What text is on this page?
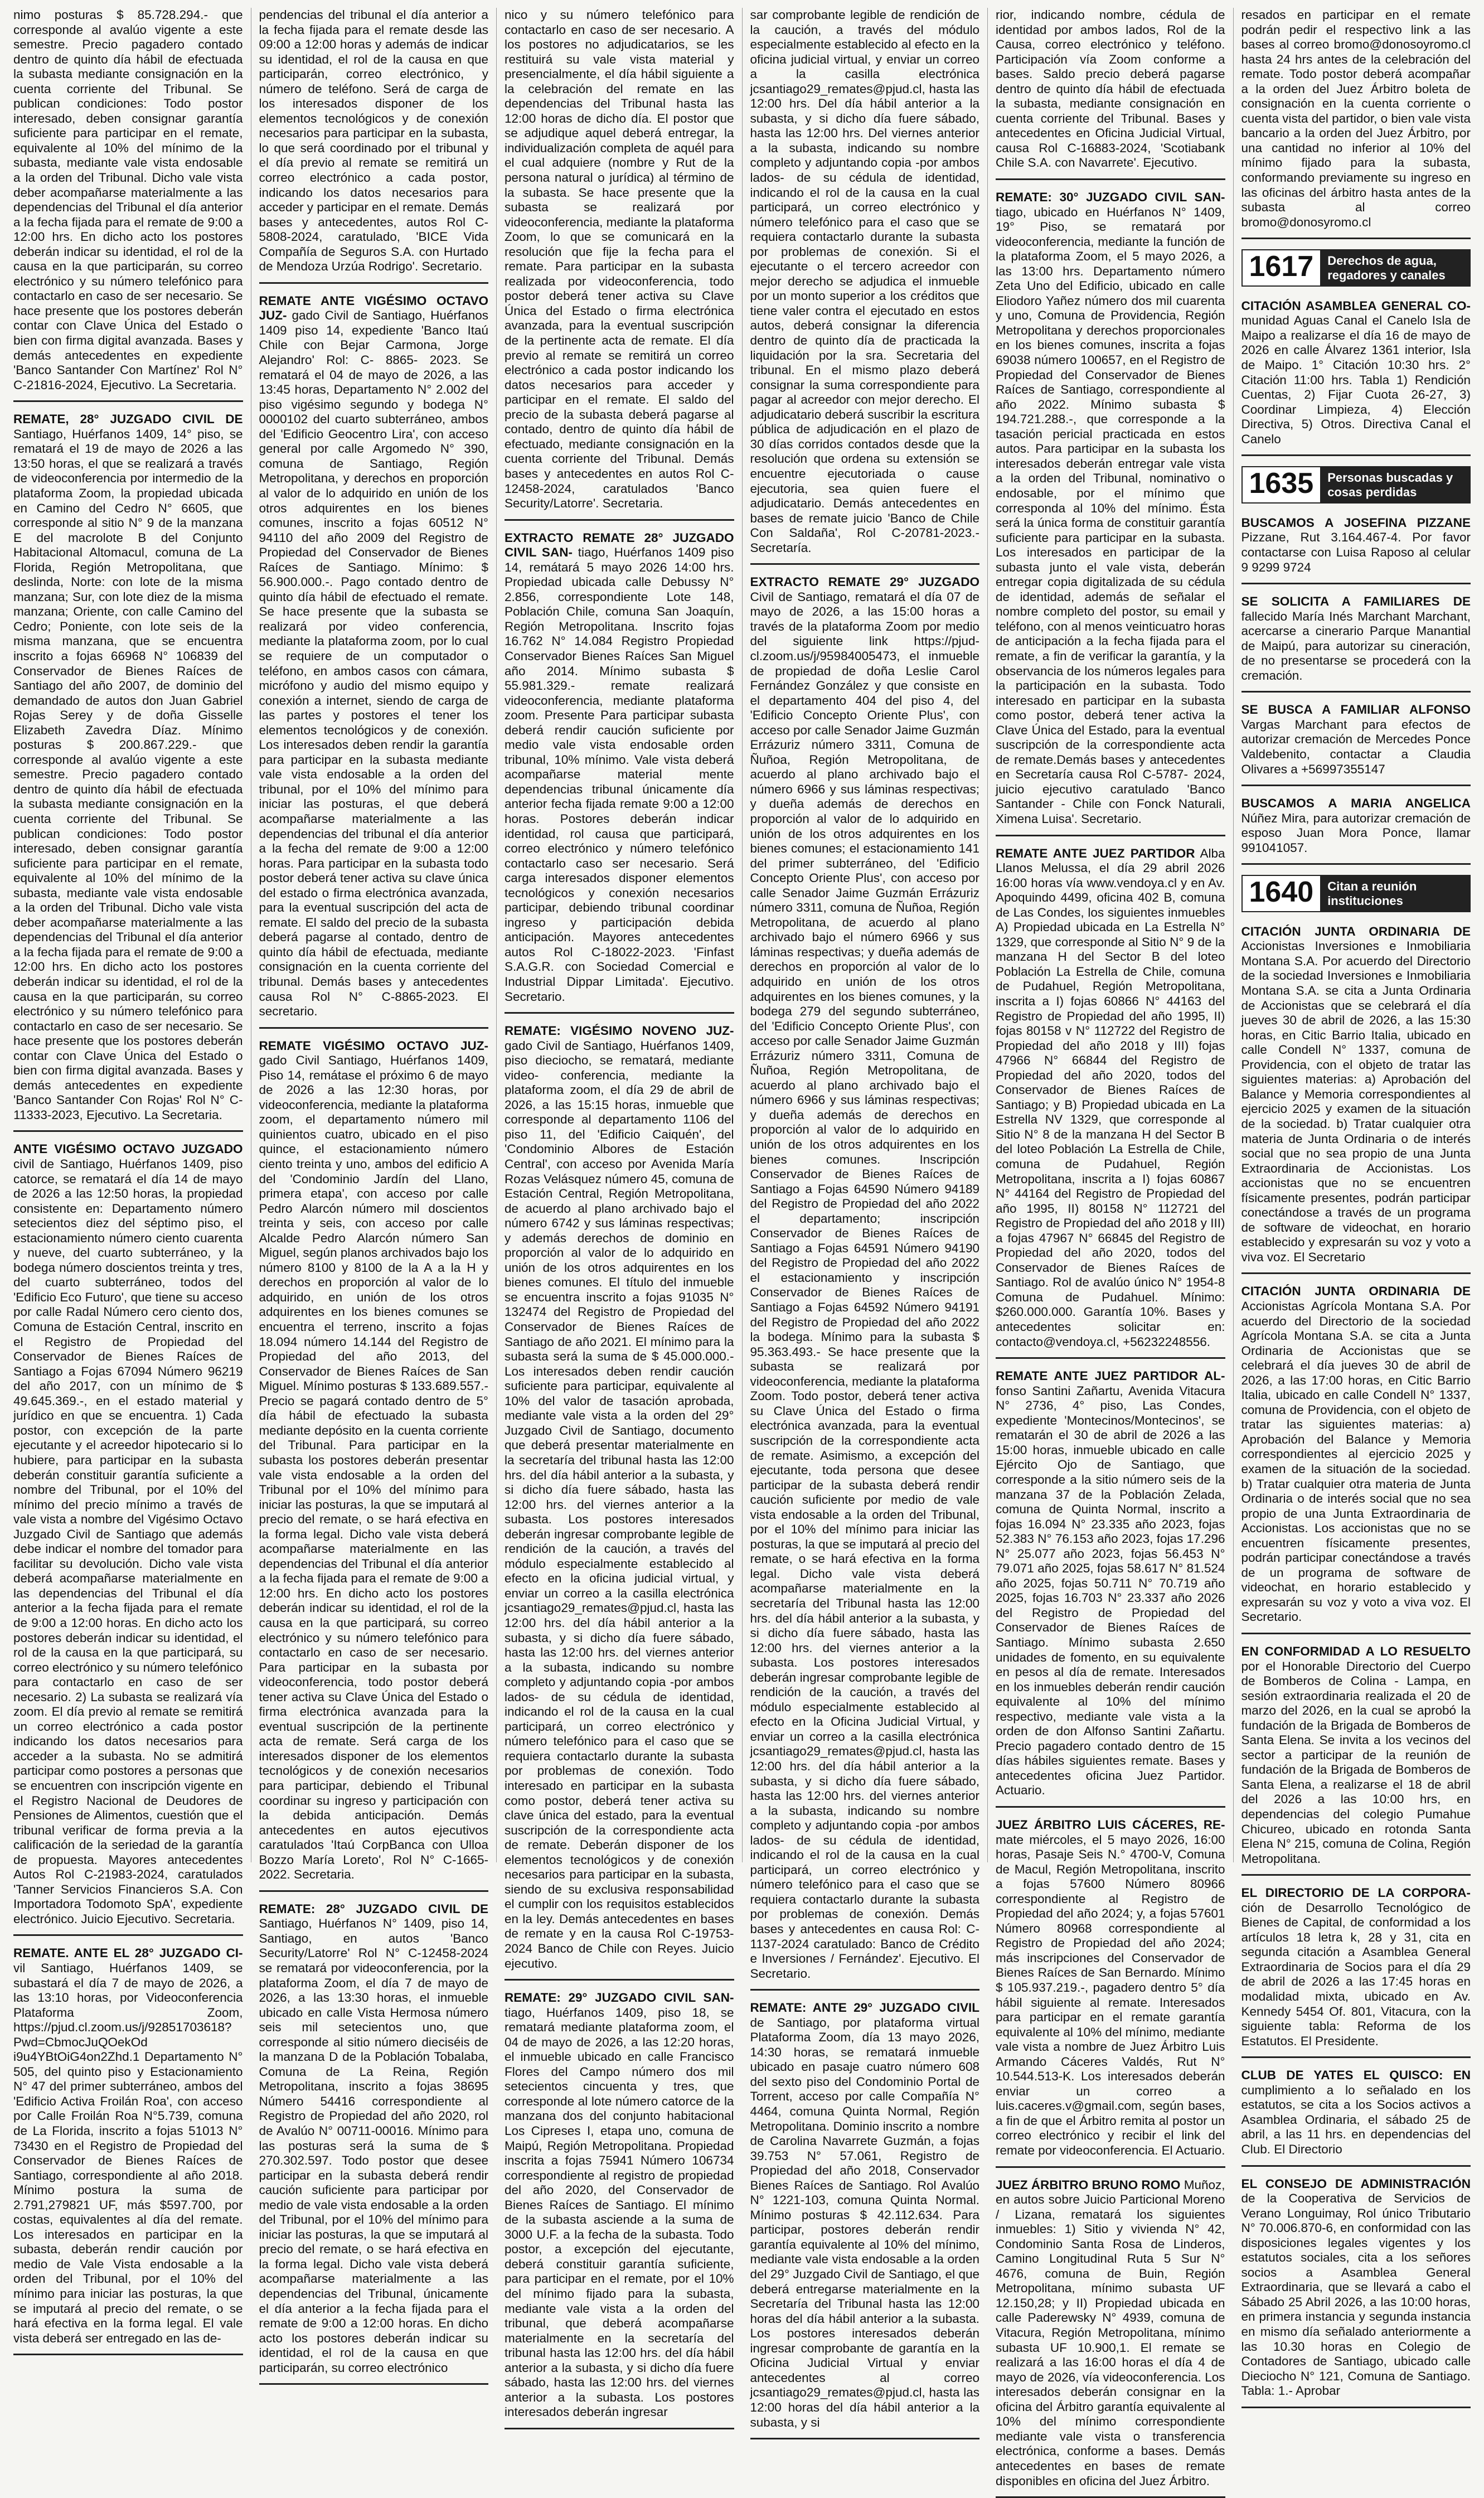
nimo posturas $ 85.728.294.- que corresponde al avalúo vigente a este semestre. Precio pagadero contado dentro de quinto día hábil de efectuada la subasta mediante consignación en la cuenta corriente del Tribunal. Se publican condiciones: Todo postor interesado, deben consignar garantía suficiente para participar en el remate, equivalente al 10% del mínimo de la subasta, mediante vale vista endosable a la orden del Tribunal. Dicho vale vista deber acompañarse materialmente a las dependencias del Tribunal el día anterior a la fecha fijada para el remate de 9:00 a 12:00 hrs. En dicho acto los postores deberán indicar su identidad, el rol de la causa en la que participarán, su correo electrónico y su número telefónico para contactarlo en caso de ser necesario. Se hace presente que los postores deberán contar con Clave Única del Estado o bien con firma digital avanzada. Bases y demás antecedentes en expediente 'Banco Santander Con Martínez' Rol N° C-21816-2024, Ejecutivo. La Secretaria.

REMATE, 28° JUZGADO CIVIL DE Santiago, Huérfanos 1409, 14° piso, se rematará el 19 de mayo de 2026 a las 13:50 horas, el que se realizará a través de videoconferencia por intermedio de la plataforma Zoom, la propiedad ubicada en Camino del Cedro N° 6605, que corresponde al sitio N° 9 de la manzana E del macrolote B del Conjunto Habitacional Altomacul, comuna de La Florida, Región Metropolitana, que deslinda, Norte: con lote de la misma manzana; Sur, con lote diez de la misma manzana; Oriente, con calle Camino del Cedro; Poniente, con lote seis de la misma manzana, que se encuentra inscrito a fojas 66968 N° 106839 del Conservador de Bienes Raíces de Santiago del año 2007, de dominio del demandado de autos don Juan Gabriel Rojas Serey y de doña Gisselle Elizabeth Zavedra Díaz. Mínimo posturas $ 200.867.229.- que corresponde al avalúo vigente a este semestre. Precio pagadero contado dentro de quinto día hábil de efectuada la subasta mediante consignación en la cuenta corriente del Tribunal. Se publican condiciones: Todo postor interesado, deben consignar garantía suficiente para participar en el remate, equivalente al 10% del mínimo de la subasta, mediante vale vista endosable a la orden del Tribunal. Dicho vale vista deber acompañarse materialmente a las dependencias del Tribunal el día anterior a la fecha fijada para el remate de 9:00 a 12:00 hrs. En dicho acto los postores deberán indicar su identidad, el rol de la causa en la que participarán, su correo electrónico y su número telefónico para contactarlo en caso de ser necesario. Se hace presente que los postores deberán contar con Clave Única del Estado o bien con firma digital avanzada. Bases y demás antecedentes en expediente 'Banco Santander Con Rojas' Rol N° C-11333-2023, Ejecutivo. La Secretaria.

ANTE VIGÉSIMO OCTAVO JUZGADO civil de Santiago, Huérfanos 1409, piso catorce, se rematará el día 14 de mayo de 2026 a las 12:50 horas, la propiedad consistente en: Departamento número setecientos diez del séptimo piso, el estacionamiento número ciento cuarenta y nueve, del cuarto subterráneo, y la bodega número doscientos treinta y tres, del cuarto subterráneo, todos del 'Edificio Eco Futuro', que tiene su acceso por calle Radal Número cero ciento dos, Comuna de Estación Central, inscrito en el Registro de Propiedad del Conservador de Bienes Raíces de Santiago a Fojas 67094 Número 96219 del año 2017, con un mínimo de $ 49.645.369.-, en el estado material y jurídico en que se encuentra. 1) Cada postor, con excepción de la parte ejecutante y el acreedor hipotecario si lo hubiere, para participar en la subasta deberán constituir garantía suficiente a nombre del Tribunal, por el 10% del mínimo del precio mínimo a través de vale vista a nombre del Vigésimo Octavo Juzgado Civil de Santiago que además debe indicar el nombre del tomador para facilitar su devolución. Dicho vale vista deberá acompañarse materialmente en las dependencias del Tribunal el día anterior a la fecha fijada para el remate de 9:00 a 12:00 horas. En dicho acto los postores deberán indicar su identidad, el rol de la causa en la que participará, su correo electrónico y su número telefónico para contactarlo en caso de ser necesario. 2) La subasta se realizará vía zoom. El día previo al remate se remitirá un correo electrónico a cada postor indicando los datos necesarios para acceder a la subasta. No se admitirá participar como postores a personas que se encuentren con inscripción vigente en el Registro Nacional de Deudores de Pensiones de Alimentos, cuestión que el tribunal verificar de forma previa a la calificación de la seriedad de la garantía de propuesta. Mayores antecedentes Autos Rol C-21983-2024, caratulados 'Tanner Servicios Financieros S.A. Con Importadora Todomoto SpA', expediente electrónico. Juicio Ejecutivo. Secretaria.

REMATE. ANTE EL 28° JUZGADO CI- vil Santiago, Huérfanos 1409, se subastará el día 7 de mayo de 2026, a las 13:10 horas, por Videoconferencia Plataforma Zoom, https://pjud.cl.zoom.us/j/92851703618? Pwd=CbmocJuQOekOd i9u4YBtOiG4on2Zhd.1 Departamento N° 505, del quinto piso y Estacionamiento N° 47 del primer subterráneo, ambos del 'Edificio Activa Froilán Roa', con acceso por Calle Froilán Roa N°5.739, comuna de La Florida, inscrito a fojas 51013 N° 73430 en el Registro de Propiedad del Conservador de Bienes Raíces de Santiago, correspondiente al año 2018. Mínimo postura la suma de 2.791,279821 UF, más $597.700, por costas, equivalentes al día del remate. Los interesados en participar en la subasta, deberán rendir caución por medio de Vale Vista endosable a la orden del Tribunal, por el 10% del mínimo para iniciar las posturas, la que se imputará al precio del remate, o se hará efectiva en la forma legal. El vale vista deberá ser entregado en las de-

pendencias del tribunal el día anterior a la fecha fijada para el remate desde las 09:00 a 12:00 horas y además de indicar su identidad, el rol de la causa en que participarán, correo electrónico, y número de teléfono. Será de carga de los interesados disponer de los elementos tecnológicos y de conexión necesarios para participar en la subasta, lo que será coordinado por el tribunal y el día previo al remate se remitirá un correo electrónico a cada postor, indicando los datos necesarios para acceder y participar en el remate. Demás bases y antecedentes, autos Rol C-5808-2024, caratulado, 'BICE Vida Compañía de Seguros S.A. con Hurtado de Mendoza Urzúa Rodrigo'. Secretario.

REMATE ANTE VIGÉSIMO OCTAVO JUZ- gado Civil de Santiago, Huérfanos 1409 piso 14, expediente 'Banco Itaú Chile con Bejar Carmona, Jorge Alejandro' Rol: C- 8865- 2023. Se rematará el 04 de mayo de 2026, a las 13:45 horas, Departamento N° 2.002 del piso vigésimo segundo y bodega N° 0000102 del cuarto subterráneo, ambos del 'Edificio Geocentro Lira', con acceso general por calle Argomedo N° 390, comuna de Santiago, Región Metropolitana, y derechos en proporción al valor de lo adquirido en unión de los otros adquirentes en los bienes comunes, inscrito a fojas 60512 N° 94110 del año 2009 del Registro de Propiedad del Conservador de Bienes Raíces de Santiago. Mínimo: $ 56.900.000.-. Pago contado dentro de quinto día hábil de efectuado el remate. Se hace presente que la subasta se realizará por video conferencia, mediante la plataforma zoom, por lo cual se requiere de un computador o teléfono, en ambos casos con cámara, micrófono y audio del mismo equipo y conexión a internet, siendo de carga de las partes y postores el tener los elementos tecnológicos y de conexión. Los interesados deben rendir la garantía para participar en la subasta mediante vale vista endosable a la orden del tribunal, por el 10% del mínimo para iniciar las posturas, el que deberá acompañarse materialmente a las dependencias del tribunal el día anterior a la fecha del remate de 9:00 a 12:00 horas. Para participar en la subasta todo postor deberá tener activa su clave única del estado o firma electrónica avanzada, para la eventual suscripción del acta de remate. El saldo del precio de la subasta deberá pagarse al contado, dentro de quinto día hábil de efectuada, mediante consignación en la cuenta corriente del tribunal. Demás bases y antecedentes causa Rol N° C-8865-2023. El secretario.

REMATE VIGÉSIMO OCTAVO JUZ- gado Civil Santiago, Huérfanos 1409, Piso 14, remátase el próximo 6 de mayo de 2026 a las 12:30 horas, por videoconferencia, mediante la plataforma zoom, el departamento número mil quinientos cuatro, ubicado en el piso quince, el estacionamiento número ciento treinta y uno, ambos del edificio A del 'Condominio Jardín del Llano, primera etapa', con acceso por calle Pedro Alarcón número mil doscientos treinta y seis, con acceso por calle Alcalde Pedro Alarcón número San Miguel, según planos archivados bajo los número 8100 y 8100 de la A a la H y derechos en proporción al valor de lo adquirido, en unión de los otros adquirentes en los bienes comunes se encuentra el terreno, inscrito a fojas 18.094 número 14.144 del Registro de Propiedad del año 2013, del Conservador de Bienes Raíces de San Miguel. Mínimo posturas $ 133.689.557.- Precio se pagará contado dentro de 5° día hábil de efectuado la subasta mediante depósito en la cuenta corriente del Tribunal. Para participar en la subasta los postores deberán presentar vale vista endosable a la orden del Tribunal por el 10% del mínimo para iniciar las posturas, la que se imputará al precio del remate, o se hará efectiva en la forma legal. Dicho vale vista deberá acompañarse materialmente en las dependencias del Tribunal el día anterior a la fecha fijada para el remate de 9:00 a 12:00 hrs. En dicho acto los postores deberán indicar su identidad, el rol de la causa en la que participará, su correo electrónico y su número telefónico para contactarlo en caso de ser necesario. Para participar en la subasta por videoconferencia, todo postor deberá tener activa su Clave Única del Estado o firma electrónica avanzada para la eventual suscripción de la pertinente acta de remate. Será carga de los interesados disponer de los elementos tecnológicos y de conexión necesarios para participar, debiendo el Tribunal coordinar su ingreso y participación con la debida anticipación. Demás antecedentes en autos ejecutivos caratulados 'Itaú CorpBanca con Ulloa Bozzo María Loreto', Rol N° C-1665-2022. Secretaria.

REMATE: 28° JUZGADO CIVIL DE Santiago, Huérfanos N° 1409, piso 14, Santiago, en autos 'Banco Security/Latorre' Rol N° C-12458-2024 se rematará por videoconferencia, por la plataforma Zoom, el día 7 de mayo de 2026, a las 13:30 horas, el inmueble ubicado en calle Vista Hermosa número seis mil setecientos uno, que corresponde al sitio número dieciséis de la manzana D de la Población Tobalaba, Comuna de La Reina, Región Metropolitana, inscrito a fojas 38695 Número 54416 correspondiente al Registro de Propiedad del año 2020, rol de Avalúo N° 00711-00016. Mínimo para las posturas será la suma de $ 270.302.597. Todo postor que desee participar en la subasta deberá rendir caución suficiente para participar por medio de vale vista endosable a la orden del Tribunal, por el 10% del mínimo para iniciar las posturas, la que se imputará al precio del remate, o se hará efectiva en la forma legal. Dicho vale vista deberá acompañarse materialmente a las dependencias del Tribunal, únicamente el día anterior a la fecha fijada para el remate de 9:00 a 12:00 horas. En dicho acto los postores deberán indicar su identidad, el rol de la causa en que participarán, su correo electrónico

nico y su número telefónico para contactarlo en caso de ser necesario. A los postores no adjudicatarios, se les restituirá su vale vista material y presencialmente, el día hábil siguiente a la celebración del remate en las dependencias del Tribunal hasta las 12:00 horas de dicho día. El postor que se adjudique aquel deberá entregar, la individualización completa de aquél para el cual adquiere (nombre y Rut de la persona natural o jurídica) al término de la subasta. Se hace presente que la subasta se realizará por videoconferencia, mediante la plataforma Zoom, lo que se comunicará en la resolución que fije la fecha para el remate. Para participar en la subasta realizada por videoconferencia, todo postor deberá tener activa su Clave Única del Estado o firma electrónica avanzada, para la eventual suscripción de la pertinente acta de remate. El día previo al remate se remitirá un correo electrónico a cada postor indicando los datos necesarios para acceder y participar en el remate. El saldo del precio de la subasta deberá pagarse al contado, dentro de quinto día hábil de efectuado, mediante consignación en la cuenta corriente del Tribunal. Demás bases y antecedentes en autos Rol C-12458-2024, caratulados 'Banco Security/Latorre'. Secretaria.

EXTRACTO REMATE 28° JUZGADO CIVIL SAN- tiago, Huérfanos 1409 piso 14, remátará 5 mayo 2026 14:00 hrs. Propiedad ubicada calle Debussy N° 2.856, correspondiente Lote 148, Población Chile, comuna San Joaquín, Región Metropolitana. Inscrito fojas 16.762 N° 14.084 Registro Propiedad Conservador Bienes Raíces San Miguel año 2014. Mínimo subasta $ 55.981.329.- remate realizará videoconferencia, mediante plataforma zoom. Presente Para participar subasta deberá rendir caución suficiente por medio vale vista endosable orden tribunal, 10% mínimo. Vale vista deberá acompañarse material mente dependencias tribunal únicamente día anterior fecha fijada remate 9:00 a 12:00 horas. Postores deberán indicar identidad, rol causa que participará, correo electrónico y número telefónico contactarlo caso ser necesario. Será carga interesados disponer elementos tecnológicos y conexión necesarios participar, debiendo tribunal coordinar ingreso y participación debida anticipación. Mayores antecedentes autos Rol C-18022-2023. 'Finfast S.A.G.R. con Sociedad Comercial e Industrial Dippar Limitada'. Ejecutivo. Secretario.

REMATE: VIGÉSIMO NOVENO JUZ- gado Civil de Santiago, Huérfanos 1409, piso dieciocho, se rematará, mediante video- conferencia, mediante la plataforma zoom, el día 29 de abril de 2026, a las 15:15 horas, inmueble que corresponde al departamento 1106 del piso 11, del 'Edificio Caiquén', del 'Condominio Albores de Estación Central', con acceso por Avenida María Rozas Velásquez número 45, comuna de Estación Central, Región Metropolitana, de acuerdo al plano archivado bajo el número 6742 y sus láminas respectivas; y además derechos de dominio en proporción al valor de lo adquirido en unión de los otros adquirentes en los bienes comunes. El título del inmueble se encuentra inscrito a fojas 91035 N° 132474 del Registro de Propiedad del Conservador de Bienes Raíces de Santiago de año 2021. El mínimo para la subasta será la suma de $ 45.000.000.- Los interesados deben rendir caución suficiente para participar, equivalente al 10% del valor de tasación aprobada, mediante vale vista a la orden del 29° Juzgado Civil de Santiago, documento que deberá presentar materialmente en la secretaría del tribunal hasta las 12:00 hrs. del día hábil anterior a la subasta, y si dicho día fuere sábado, hasta las 12:00 hrs. del viernes anterior a la subasta. Los postores interesados deberán ingresar comprobante legible de rendición de la caución, a través del módulo especialmente establecido al efecto en la oficina judicial virtual, y enviar un correo a la casilla electrónica jcsantiago29_remates@pjud.cl, hasta las 12:00 hrs. del día hábil anterior a la subasta, y si dicho día fuere sábado, hasta las 12:00 hrs. del viernes anterior a la subasta, indicando su nombre completo y adjuntando copia -por ambos lados- de su cédula de identidad, indicando el rol de la causa en la cual participará, un correo electrónico y número telefónico para el caso que se requiera contactarlo durante la subasta por problemas de conexión. Todo interesado en participar en la subasta como postor, deberá tener activa su clave única del estado, para la eventual suscripción de la correspondiente acta de remate. Deberán disponer de los elementos tecnológicos y de conexión necesarios para participar en la subasta, siendo de su exclusiva responsabilidad el cumplir con los requisitos establecidos en la ley. Demás antecedentes en bases de remate y en la causa Rol C-19753-2024 Banco de Chile con Reyes. Juicio ejecutivo.

REMATE: 29° JUZGADO CIVIL SAN- tiago, Huérfanos 1409, piso 18, se rematará mediante plataforma zoom, el 04 de mayo de 2026, a las 12:20 horas, el inmueble ubicado en calle Francisco Flores del Campo número dos mil setecientos cincuenta y tres, que corresponde al lote número catorce de la manzana dos del conjunto habitacional Los Cipreses I, etapa uno, comuna de Maipú, Región Metropolitana. Propiedad inscrita a fojas 75941 Número 106734 correspondiente al registro de propiedad del año 2020, del Conservador de Bienes Raíces de Santiago. El mínimo de la subasta asciende a la suma de 3000 U.F. a la fecha de la subasta. Todo postor, a excepción del ejecutante, deberá constituir garantía suficiente, para participar en el remate, por el 10% del mínimo fijado para la subasta, mediante vale vista a la orden del tribunal, que deberá acompañarse materialmente en la secretaría del tribunal hasta las 12:00 hrs. del día hábil anterior a la subasta, y si dicho día fuere sábado, hasta las 12:00 hrs. del viernes anterior a la subasta. Los postores interesados deberán ingresar

sar comprobante legible de rendición de la caución, a través del módulo especialmente establecido al efecto en la oficina judicial virtual, y enviar un correo a la casilla electrónica jcsantiago29_remates@pjud.cl, hasta las 12:00 hrs. Del día hábil anterior a la subasta, y si dicho día fuere sábado, hasta las 12:00 hrs. Del viernes anterior a la subasta, indicando su nombre completo y adjuntando copia -por ambos lados- de su cédula de identidad, indicando el rol de la causa en la cual participará, un correo electrónico y número telefónico para el caso que se requiera contactarlo durante la subasta por problemas de conexión. Si el ejecutante o el tercero acreedor con mejor derecho se adjudica el inmueble por un monto superior a los créditos que tiene valer contra el ejecutado en estos autos, deberá consignar la diferencia dentro de quinto día de practicada la liquidación por la sra. Secretaria del tribunal. En el mismo plazo deberá consignar la suma correspondiente para pagar al acreedor con mejor derecho. El adjudicatario deberá suscribir la escritura pública de adjudicación en el plazo de 30 días corridos contados desde que la resolución que ordena su extensión se encuentre ejecutoriada o cause ejecutoria, sea quien fuere el adjudicatario. Demás antecedentes en bases de remate juicio 'Banco de Chile Con Saldaña', Rol C-20781-2023.- Secretaría.

EXTRACTO REMATE 29° JUZGADO Civil de Santiago, rematará el día 07 de mayo de 2026, a las 15:00 horas a través de la plataforma Zoom por medio del siguiente link https://pjud-cl.zoom.us/j/95984005473, el inmueble de propiedad de doña Leslie Carol Fernández González y que consiste en el departamento 404 del piso 4, del 'Edificio Concepto Oriente Plus', con acceso por calle Senador Jaime Guzmán Errázuriz número 3311, Comuna de Ñuñoa, Región Metropolitana, de acuerdo al plano archivado bajo el número 6966 y sus láminas respectivas; y dueña además de derechos en proporción al valor de lo adquirido en unión de los otros adquirentes en los bienes comunes; el estacionamiento 141 del primer subterráneo, del 'Edificio Concepto Oriente Plus', con acceso por calle Senador Jaime Guzmán Errázuriz número 3311, comuna de Ñuñoa, Región Metropolitana, de acuerdo al plano archivado bajo el número 6966 y sus láminas respectivas; y dueña además de derechos en proporción al valor de lo adquirido en unión de los otros adquirentes en los bienes comunes, y la bodega 279 del segundo subterráneo, del 'Edificio Concepto Oriente Plus', con acceso por calle Senador Jaime Guzmán Errázuriz número 3311, Comuna de Ñuñoa, Región Metropolitana, de acuerdo al plano archivado bajo el número 6966 y sus láminas respectivas; y dueña además de derechos en proporción al valor de lo adquirido en unión de los otros adquirentes en los bienes comunes. Inscripción Conservador de Bienes Raíces de Santiago a Fojas 64590 Número 94189 del Registro de Propiedad del año 2022 el departamento; inscripción Conservador de Bienes Raíces de Santiago a Fojas 64591 Número 94190 del Registro de Propiedad del año 2022 el estacionamiento y inscripción Conservador de Bienes Raíces de Santiago a Fojas 64592 Número 94191 del Registro de Propiedad del año 2022 la bodega. Mínimo para la subasta $ 95.363.493.- Se hace presente que la subasta se realizará por videoconferencia, mediante la plataforma Zoom. Todo postor, deberá tener activa su Clave Única del Estado o firma electrónica avanzada, para la eventual suscripción de la correspondiente acta de remate. Asimismo, a excepción del ejecutante, toda persona que desee participar de la subasta deberá rendir caución suficiente por medio de vale vista endosable a la orden del Tribunal, por el 10% del mínimo para iniciar las posturas, la que se imputará al precio del remate, o se hará efectiva en la forma legal. Dicho vale vista deberá acompañarse materialmente en la secretaría del Tribunal hasta las 12:00 hrs. del día hábil anterior a la subasta, y si dicho día fuere sábado, hasta las 12:00 hrs. del viernes anterior a la subasta. Los postores interesados deberán ingresar comprobante legible de rendición de la caución, a través del módulo especialmente establecido al efecto en la Oficina Judicial Virtual, y enviar un correo a la casilla electrónica jcsantiago29_remates@pjud.cl, hasta las 12:00 hrs. del día hábil anterior a la subasta, y si dicho día fuere sábado, hasta las 12:00 hrs. del viernes anterior a la subasta, indicando su nombre completo y adjuntando copia -por ambos lados- de su cédula de identidad, indicando el rol de la causa en la cual participará, un correo electrónico y número telefónico para el caso que se requiera contactarlo durante la subasta por problemas de conexión. Demás bases y antecedentes en causa Rol: C-1137-2024 caratulado: Banco de Crédito e Inversiones / Fernández'. Ejecutivo. El Secretario.

REMATE: ANTE 29° JUZGADO CIVIL de Santiago, por plataforma virtual Plataforma Zoom, día 13 mayo 2026, 14:30 horas, se rematará inmueble ubicado en pasaje cuatro número 608 del sexto piso del Condominio Portal de Torrent, acceso por calle Compañía N° 4464, comuna Quinta Normal, Región Metropolitana. Dominio inscrito a nombre de Carolina Navarrete Guzmán, a fojas 39.753 N° 57.061, Registro de Propiedad del año 2018, Conservador Bienes Raíces de Santiago. Rol Avalúo N° 1221-103, comuna Quinta Normal. Mínimo posturas $ 42.112.634. Para participar, postores deberán rendir garantía equivalente al 10% del mínimo, mediante vale vista endosable a la orden del 29° Juzgado Civil de Santiago, el que deberá entregarse materialmente en la Secretaría del Tribunal hasta las 12:00 horas del día hábil anterior a la subasta. Los postores interesados deberán ingresar comprobante de garantía en la Oficina Judicial Virtual y enviar antecedentes al correo jcsantiago29_remates@pjud.cl, hasta las 12:00 horas del día hábil anterior a la subasta, y si

rior, indicando nombre, cédula de identidad por ambos lados, Rol de la Causa, correo electrónico y teléfono. Participación vía Zoom conforme a bases. Saldo precio deberá pagarse dentro de quinto día hábil de efectuada la subasta, mediante consignación en cuenta corriente del Tribunal. Bases y antecedentes en Oficina Judicial Virtual, causa Rol C-16883-2024, 'Scotiabank Chile S.A. con Navarrete'. Ejecutivo.

REMATE: 30° JUZGADO CIVIL SAN- tiago, ubicado en Huérfanos N° 1409, 19° Piso, se rematará por videoconferencia, mediante la función de la plataforma Zoom, el 5 mayo 2026, a las 13:00 hrs. Departamento número Zeta Uno del Edificio, ubicado en calle Eliodoro Yañez número dos mil cuarenta y uno, Comuna de Providencia, Región Metropolitana y derechos proporcionales en los bienes comunes, inscrita a fojas 69038 número 100657, en el Registro de Propiedad del Conservador de Bienes Raíces de Santiago, correspondiente al año 2022. Mínimo subasta $ 194.721.288.-, que corresponde a la tasación pericial practicada en estos autos. Para participar en la subasta los interesados deberán entregar vale vista a la orden del Tribunal, nominativo o endosable, por el mínimo que corresponda al 10% del mínimo. Ésta será la única forma de constituir garantía suficiente para participar en la subasta. Los interesados en participar de la subasta junto el vale vista, deberán entregar copia digitalizada de su cédula de identidad, además de señalar el nombre completo del postor, su email y teléfono, con al menos veinticuatro horas de anticipación a la fecha fijada para el remate, a fin de verificar la garantía, y la observancia de los números legales para la participación en la subasta. Todo interesado en participar en la subasta como postor, deberá tener activa la Clave Única del Estado, para la eventual suscripción de la correspondiente acta de remate.Demás bases y antecedentes en Secretaría causa Rol C-5787- 2024, juicio ejecutivo caratulado 'Banco Santander - Chile con Fonck Naturali, Ximena Luisa'. Secretario.

REMATE ANTE JUEZ PARTIDOR Alba Llanos Melussa, el día 29 abril 2026 16:00 horas vía www.vendoya.cl y en Av. Apoquindo 4499, oficina 402 B, comuna de Las Condes, los siguientes inmuebles A) Propiedad ubicada en La Estrella N° 1329, que corresponde al Sitio N° 9 de la manzana H del Sector B del loteo Población La Estrella de Chile, comuna de Pudahuel, Región Metropolitana, inscrita a I) fojas 60866 N° 44163 del Registro de Propiedad del año 1995, II) fojas 80158 v N° 112722 del Registro de Propiedad del año 2018 y III) fojas 47966 N° 66844 del Registro de Propiedad del año 2020, todos del Conservador de Bienes Raíces de Santiago; y B) Propiedad ubicada en La Estrella NV 1329, que corresponde al Sitio N° 8 de la manzana H del Sector B del loteo Población La Estrella de Chile, comuna de Pudahuel, Región Metropolitana, inscrita a I) fojas 60867 N° 44164 del Registro de Propiedad del año 1995, II) 80158 N° 112721 del Registro de Propiedad del año 2018 y III) a fojas 47967 N° 66845 del Registro de Propiedad del año 2020, todos del Conservador de Bienes Raíces de Santiago. Rol de avalúo único N° 1954-8 Comuna de Pudahuel. Mínimo: $260.000.000. Garantía 10%. Bases y antecedentes solicitar en: contacto@vendoya.cl, +56232248556.

REMATE ANTE JUEZ PARTIDOR AL- fonso Santini Zañartu, Avenida Vitacura N° 2736, 4° piso, Las Condes, expediente 'Montecinos/Montecinos', se rematarán el 30 de abril de 2026 a las 15:00 horas, inmueble ubicado en calle Ejército Ojo de Santiago, que corresponde a la sitio número seis de la manzana 37 de la Población Zelada, comuna de Quinta Normal, inscrito a fojas 16.094 N° 23.335 año 2023, fojas 52.383 N° 76.153 año 2023, fojas 17.296 N° 25.077 año 2023, fojas 56.453 N° 79.071 año 2025, fojas 58.617 N° 81.524 año 2025, fojas 50.711 N° 70.719 año 2025, fojas 16.703 N° 23.337 año 2026 del Registro de Propiedad del Conservador de Bienes Raíces de Santiago. Mínimo subasta 2.650 unidades de fomento, en su equivalente en pesos al día de remate. Interesados en los inmuebles deberán rendir caución equivalente al 10% del mínimo respectivo, mediante vale vista a la orden de don Alfonso Santini Zañartu. Precio pagadero contado dentro de 15 días hábiles siguientes remate. Bases y antecedentes oficina Juez Partidor. Actuario.

JUEZ ÁRBITRO LUIS CÁCERES, RE- mate miércoles, el 5 mayo 2026, 16:00 horas, Pasaje Seis N.° 4700-V, Comuna de Macul, Región Metropolitana, inscrito a fojas 57600 Número 80966 correspondiente al Registro de Propiedad del año 2024; y, a fojas 57601 Número 80968 correspondiente al Registro de Propiedad del año 2024; más inscripciones del Conservador de Bienes Raíces de San Bernardo. Mínimo $ 105.937.219.-, pagadero dentro 5° día hábil siguiente al remate. Interesados para participar en el remate garantía equivalente al 10% del mínimo, mediante vale vista a nombre de Juez Árbitro Luis Armando Cáceres Valdés, Rut N° 10.544.513-K. Los interesados deberán enviar un correo a luis.caceres.v@gmail.com, según bases, a fin de que el Árbitro remita al postor un correo electrónico y recibir el link del remate por videoconferencia. El Actuario.

JUEZ ÁRBITRO BRUNO ROMO Muñoz, en autos sobre Juicio Particional Moreno / Lizana, rematará los siguientes inmuebles: 1) Sitio y vivienda N° 42, Condominio Santa Rosa de Linderos, Camino Longitudinal Ruta 5 Sur N° 4676, comuna de Buin, Región Metropolitana, mínimo subasta UF 12.150,28; y II) Propiedad ubicada en calle Paderewsky N° 4939, comuna de Vitacura, Región Metropolitana, mínimo subasta UF 10.900,1. El remate se realizará a las 16:00 horas el día 4 de mayo de 2026, vía videoconferencia. Los interesados deberán consignar en la oficina del Árbitro garantía equivalente al 10% del mínimo correspondiente mediante vale vista o transferencia electrónica, conforme a bases. Demás antecedentes en bases de remate disponibles en oficina del Juez Árbitro.

resados en participar en el remate podrán pedir el respectivo link a las bases al correo bromo@donosoyromo.cl hasta 24 hrs antes de la celebración del remate. Todo postor deberá acompañar a la orden del Juez Árbitro boleta de consignación en la cuenta corriente o cuenta vista del partidor, o bien vale vista bancario a la orden del Juez Árbitro, por una cantidad no inferior al 10% del mínimo fijado para la subasta, conformando previamente su ingreso en las oficinas del árbitro hasta antes de la subasta al correo bromo@donosyromo.cl

1617	Derechos de agua, regadores y canales

CITACIÓN ASAMBLEA GENERAL CO- munidad Aguas Canal el Canelo Isla de Maipo a realizarse el día 16 de mayo de 2026 en calle Álvarez 1361 interior, Isla de Maipo. 1° Citación 10:30 hrs. 2° Citación 11:00 hrs. Tabla 1) Rendición Cuentas, 2) Fijar Cuota 26-27, 3) Coordinar Limpieza, 4) Elección Directiva, 5) Otros. Directiva Canal el Canelo

1635	Personas buscadas y cosas perdidas

BUSCAMOS A JOSEFINA PIZZANE Pizzane, Rut 3.164.467-4. Por favor contactarse con Luisa Raposo al celular 9 9299 9724

SE SOLICITA A FAMILIARES DE fallecido María Inés Marchant Marchant, acercarse a cinerario Parque Manantial de Maipú, para autorizar su cineración, de no presentarse se procederá con la cremación.

SE BUSCA A FAMILIAR ALFONSO Vargas Marchant para efectos de autorizar cremación de Mercedes Ponce Valdebenito, contactar a Claudia Olivares a +56997355147

BUSCAMOS A MARIA ANGELICA Núñez Mira, para autorizar cremación de esposo Juan Mora Ponce, llamar 991041057.

1640	Citan a reunión instituciones

CITACIÓN JUNTA ORDINARIA DE Accionistas Inversiones e Inmobiliaria Montana S.A. Por acuerdo del Directorio de la sociedad Inversiones e Inmobiliaria Montana S.A. se cita a Junta Ordinaria de Accionistas que se celebrará el día jueves 30 de abril de 2026, a las 15:30 horas, en Citic Barrio Italia, ubicado en calle Condell N° 1337, comuna de Providencia, con el objeto de tratar las siguientes materias: a) Aprobación del Balance y Memoria correspondientes al ejercicio 2025 y examen de la situación de la sociedad. b) Tratar cualquier otra materia de Junta Ordinaria o de interés social que no sea propio de una Junta Extraordinaria de Accionistas. Los accionistas que no se encuentren físicamente presentes, podrán participar conectándose a través de un programa de software de videochat, en horario establecido y expresarán su voz y voto a viva voz. El Secretario

CITACIÓN JUNTA ORDINARIA DE Accionistas Agrícola Montana S.A. Por acuerdo del Directorio de la sociedad Agrícola Montana S.A. se cita a Junta Ordinaria de Accionistas que se celebrará el día jueves 30 de abril de 2026, a las 17:00 horas, en Citic Barrio Italia, ubicado en calle Condell N° 1337, comuna de Providencia, con el objeto de tratar las siguientes materias: a) Aprobación del Balance y Memoria correspondientes al ejercicio 2025 y examen de la situación de la sociedad. b) Tratar cualquier otra materia de Junta Ordinaria o de interés social que no sea propio de una Junta Extraordinaria de Accionistas. Los accionistas que no se encuentren físicamente presentes, podrán participar conectándose a través de un programa de software de videochat, en horario establecido y expresarán su voz y voto a viva voz. El Secretario.

EN CONFORMIDAD A LO RESUELTO por el Honorable Directorio del Cuerpo de Bomberos de Colina - Lampa, en sesión extraordinaria realizada el 20 de marzo del 2026, en la cual se aprobó la fundación de la Brigada de Bomberos de Santa Elena. Se invita a los vecinos del sector a participar de la reunión de fundación de la Brigada de Bomberos de Santa Elena, a realizarse el 18 de abril del 2026 a las 10:00 hrs, en dependencias del colegio Pumahue Chicureo, ubicado en rotonda Santa Elena N° 215, comuna de Colina, Región Metropolitana.

EL DIRECTORIO DE LA CORPORA- ción de Desarrollo Tecnológico de Bienes de Capital, de conformidad a los artículos 18 letra k, 28 y 31, cita en segunda citación a Asamblea General Extraordinaria de Socios para el día 29 de abril de 2026 a las 17:45 horas en modalidad mixta, ubicado en Av. Kennedy 5454 Of. 801, Vitacura, con la siguiente tabla: Reforma de los Estatutos. El Presidente.

CLUB DE YATES EL QUISCO: EN cumplimiento a lo señalado en los estatutos, se cita a los Socios activos a Asamblea Ordinaria, el sábado 25 de abril, a las 11 hrs. en dependencias del Club. El Directorio

EL CONSEJO DE ADMINISTRACIÓN de la Cooperativa de Servicios de Verano Longuimay, Rol único Tributario N° 70.006.870-6, en conformidad con las disposiciones legales vigentes y los estatutos sociales, cita a los señores socios a Asamblea General Extraordinaria, que se llevará a cabo el Sábado 25 Abril 2026, a las 10:00 horas, en primera instancia y segunda instancia en mismo día señalado anteriormente a las 10.30 horas en Colegio de Contadores de Santiago, ubicado calle Dieciocho N° 121, Comuna de Santiago. Tabla: 1.- Aprobar
